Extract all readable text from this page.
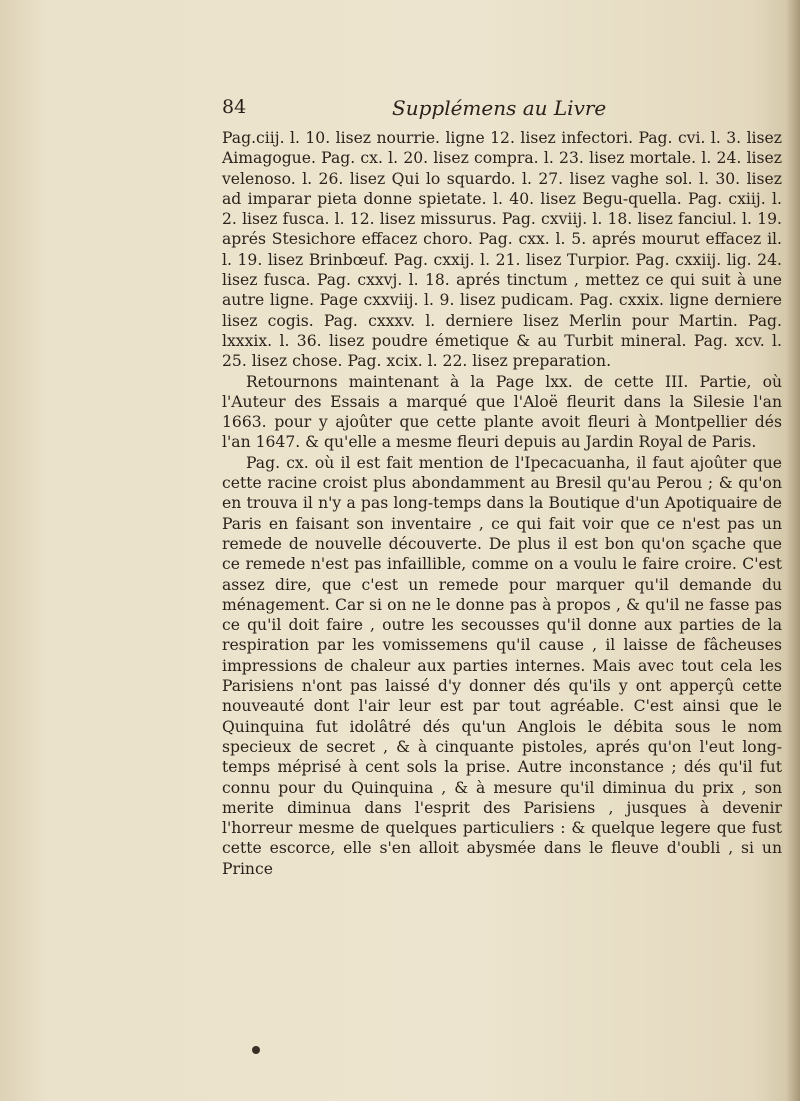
84	Supplémens au Livre

Pag.ciij. l. 10. lisez nourrie. ligne 12. lisez infectori. Pag. cvi. l. 3. lisez Aimagogue. Pag. cx. l. 20. lisez compra. l. 23. lisez mortale. l. 24. lisez velenoso. l. 26. lisez Qui lo squardo. l. 27. lisez vaghe sol. l. 30. lisez ad imparar pieta donne spietate. l. 40. lisez Begu-quella. Pag. cxiij. l. 2. lisez fusca. l. 12. lisez missurus. Pag. cxviij. l. 18. lisez fanciul. l. 19. aprés Stesichore effacez choro. Pag. cxx. l. 5. aprés mourut effacez il. l. 19. lisez Brinbœuf. Pag. cxxij. l. 21. lisez Turpior. Pag. cxxiij. lig. 24. lisez fusca. Pag. cxxvj. l. 18. aprés tinctum , mettez ce qui suit à une autre ligne. Page cxxviij. l. 9. lisez pudicam. Pag. cxxix. ligne derniere lisez cogis. Pag. cxxxv. l. derniere lisez Merlin pour Martin. Pag. lxxxix. l. 36. lisez poudre émetique & au Turbit mineral. Pag. xcv. l. 25. lisez chose. Pag. xcix. l. 22. lisez preparation.

Retournons maintenant à la Page lxx. de cette III. Partie, où l'Auteur des Essais a marqué que l'Aloë fleurit dans la Silesie l'an 1663. pour y ajoûter que cette plante avoit fleuri à Montpellier dés l'an 1647. & qu'elle a mesme fleuri depuis au Jardin Royal de Paris.

Pag. cx. où il est fait mention de l'Ipecacuanha, il faut ajoûter que cette racine croist plus abondamment au Bresil qu'au Perou ; & qu'on en trouva il n'y a pas long-temps dans la Boutique d'un Apotiquaire de Paris en faisant son inventaire , ce qui fait voir que ce n'est pas un remede de nouvelle découverte. De plus il est bon qu'on sçache que ce remede n'est pas infaillible, comme on a voulu le faire croire. C'est assez dire, que c'est un remede pour marquer qu'il demande du ménagement. Car si on ne le donne pas à propos , & qu'il ne fasse pas ce qu'il doit faire , outre les secousses qu'il donne aux parties de la respiration par les vomissemens qu'il cause , il laisse de fâcheuses impressions de chaleur aux parties internes. Mais avec tout cela les Parisiens n'ont pas laissé d'y donner dés qu'ils y ont apperçû cette nouveauté dont l'air leur est par tout agréable. C'est ainsi que le Quinquina fut idolâtré dés qu'un Anglois le débita sous le nom specieux de secret , & à cinquante pistoles, aprés qu'on l'eut long-temps méprisé à cent sols la prise. Autre inconstance ; dés qu'il fut connu pour du Quinquina , & à mesure qu'il diminua du prix , son merite diminua dans l'esprit des Parisiens , jusques à devenir l'horreur mesme de quelques particuliers : & quelque legere que fust cette escorce, elle s'en alloit abysmée dans le fleuve d'oubli , si un Prince
